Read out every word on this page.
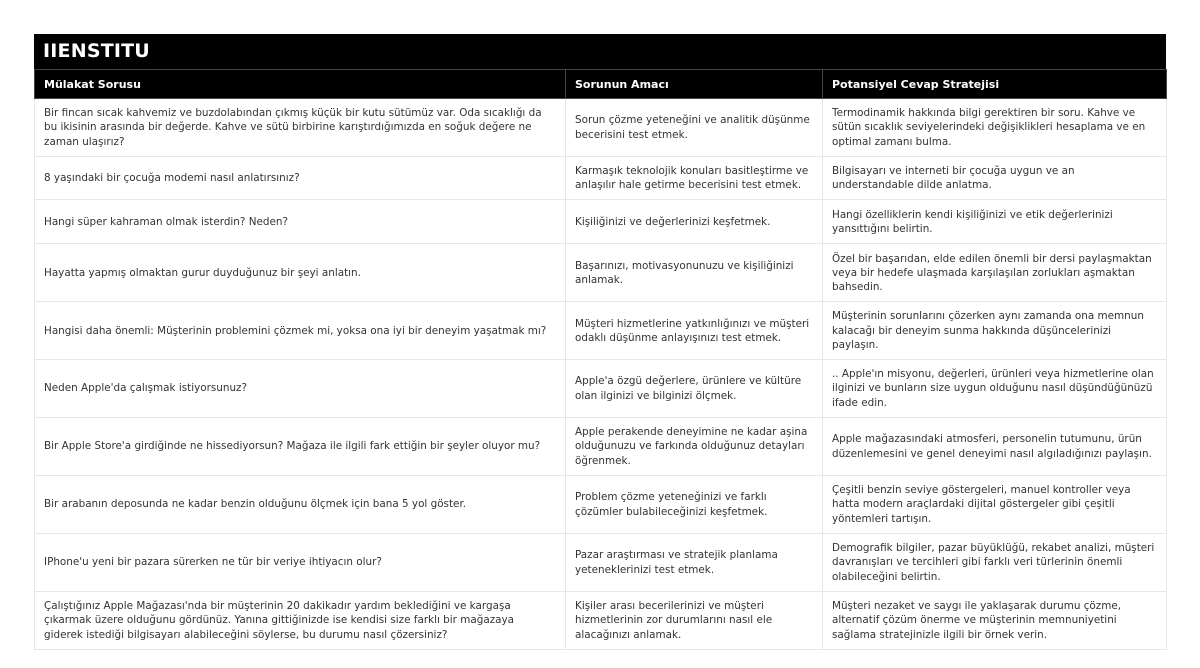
IIENSTITU
Mülakat Sorusu	Sorunun Amacı	Potansiyel Cevap Stratejisi
Bir fincan sıcak kahvemiz ve buzdolabından çıkmış küçük bir kutu sütümüz var. Oda sıcaklığı da bu ikisinin arasında bir değerde. Kahve ve sütü birbirine karıştırdığımızda en soğuk değere ne zaman ulaşırız?	Sorun çözme yeteneğini ve analitik düşünme becerisini test etmek.	Termodinamik hakkında bilgi gerektiren bir soru. Kahve ve sütün sıcaklık seviyelerindeki değişiklikleri hesaplama ve en optimal zamanı bulma.
8 yaşındaki bir çocuğa modemi nasıl anlatırsınız?	Karmaşık teknolojik konuları basitleştirme ve anlaşılır hale getirme becerisini test etmek.	Bilgisayarı ve interneti bir çocuğa uygun ve an understandable dilde anlatma.
Hangi süper kahraman olmak isterdin? Neden?	Kişiliğinizi ve değerlerinizi keşfetmek.	Hangi özelliklerin kendi kişiliğinizi ve etik değerlerinizi yansıttığını belirtin.
Hayatta yapmış olmaktan gurur duyduğunuz bir şeyi anlatın.	Başarınızı, motivasyonunuzu ve kişiliğinizi anlamak.	Özel bir başarıdan, elde edilen önemli bir dersi paylaşmaktan veya bir hedefe ulaşmada karşılaşılan zorlukları aşmaktan bahsedin.
Hangisi daha önemli: Müşterinin problemini çözmek mi, yoksa ona iyi bir deneyim yaşatmak mı?	Müşteri hizmetlerine yatkınlığınızı ve müşteri odaklı düşünme anlayışınızı test etmek.	Müşterinin sorunlarını çözerken aynı zamanda ona memnun kalacağı bir deneyim sunma hakkında düşüncelerinizi paylaşın.
Neden Apple'da çalışmak istiyorsunuz?	Apple'a özgü değerlere, ürünlere ve kültüre olan ilginizi ve bilginizi ölçmek.	.. Apple'ın misyonu, değerleri, ürünleri veya hizmetlerine olan ilginizi ve bunların size uygun olduğunu nasıl düşündüğünüzü ifade edin.
Bir Apple Store'a girdiğinde ne hissediyorsun? Mağaza ile ilgili fark ettiğin bir şeyler oluyor mu?	Apple perakende deneyimine ne kadar aşina olduğunuzu ve farkında olduğunuz detayları öğrenmek.	Apple mağazasındaki atmosferi, personelin tutumunu, ürün düzenlemesini ve genel deneyimi nasıl algıladığınızı paylaşın.
Bir arabanın deposunda ne kadar benzin olduğunu ölçmek için bana 5 yol göster.	Problem çözme yeteneğinizi ve farklı çözümler bulabileceğinizi keşfetmek.	Çeşitli benzin seviye göstergeleri, manuel kontroller veya hatta modern araçlardaki dijital göstergeler gibi çeşitli yöntemleri tartışın.
IPhone'u yeni bir pazara sürerken ne tür bir veriye ihtiyacın olur?	Pazar araştırması ve stratejik planlama yeteneklerinizi test etmek.	Demografik bilgiler, pazar büyüklüğü, rekabet analizi, müşteri davranışları ve tercihleri gibi farklı veri türlerinin önemli olabileceğini belirtin.
Çalıştığınız Apple Mağazası'nda bir müşterinin 20 dakikadır yardım beklediğini ve kargaşa çıkarmak üzere olduğunu gördünüz. Yanına gittiğinizde ise kendisi size farklı bir mağazaya giderek istediği bilgisayarı alabileceğini söylerse, bu durumu nasıl çözersiniz?	Kişiler arası becerilerinizi ve müşteri hizmetlerinin zor durumlarını nasıl ele alacağınızı anlamak.	Müşteri nezaket ve saygı ile yaklaşarak durumu çözme, alternatif çözüm önerme ve müşterinin memnuniyetini sağlama stratejinizle ilgili bir örnek verin.
